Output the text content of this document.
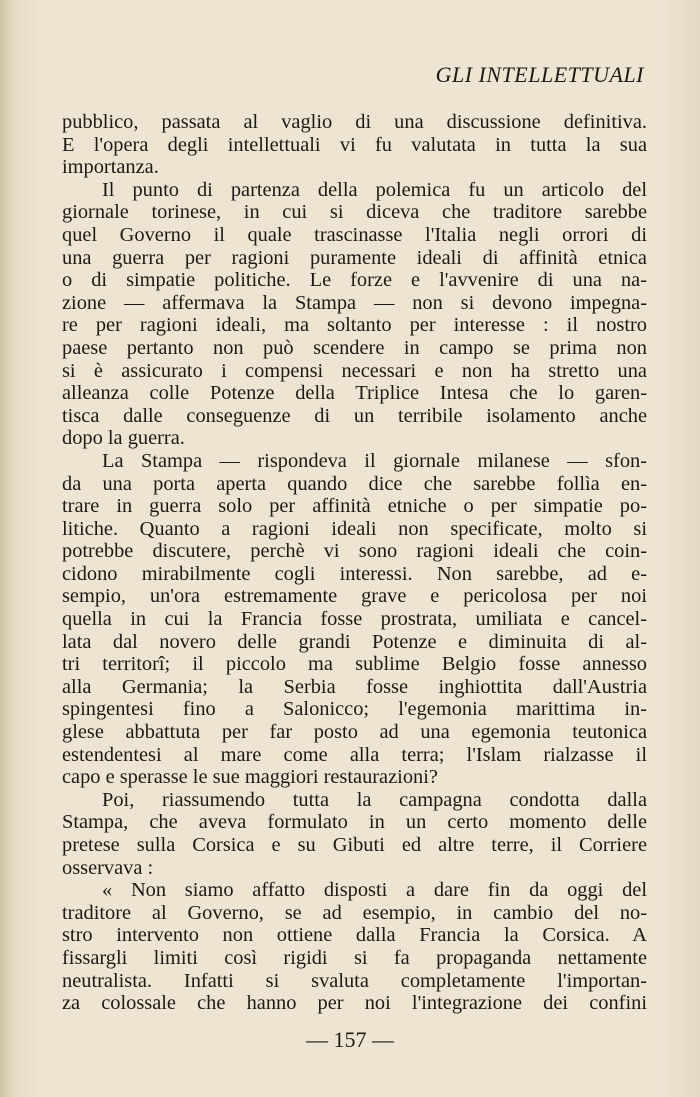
GLI INTELLETTUALI
pubblico, passata al vaglio di una discussione definitiva.
E l'opera degli intellettuali vi fu valutata in tutta la sua
importanza.
Il punto di partenza della polemica fu un articolo del
giornale torinese, in cui si diceva che traditore sarebbe
quel Governo il quale trascinasse l'Italia negli orrori di
una guerra per ragioni puramente ideali di affinità etnica
o di simpatie politiche. Le forze e l'avvenire di una na-
zione — affermava la Stampa — non si devono impegna-
re per ragioni ideali, ma soltanto per interesse : il nostro
paese pertanto non può scendere in campo se prima non
si è assicurato i compensi necessari e non ha stretto una
alleanza colle Potenze della Triplice Intesa che lo garen-
tisca dalle conseguenze di un terribile isolamento anche
dopo la guerra.
La Stampa — rispondeva il giornale milanese — sfon-
da una porta aperta quando dice che sarebbe follìa en-
trare in guerra solo per affinità etniche o per simpatie po-
litiche. Quanto a ragioni ideali non specificate, molto si
potrebbe discutere, perchè vi sono ragioni ideali che coin-
cidono mirabilmente cogli interessi. Non sarebbe, ad e-
sempio, un'ora estremamente grave e pericolosa per noi
quella in cui la Francia fosse prostrata, umiliata e cancel-
lata dal novero delle grandi Potenze e diminuita di al-
tri territorî; il piccolo ma sublime Belgio fosse annesso
alla Germania; la Serbia fosse inghiottita dall'Austria
spingentesi fino a Salonicco; l'egemonia marittima in-
glese abbattuta per far posto ad una egemonia teutonica
estendentesi al mare come alla terra; l'Islam rialzasse il
capo e sperasse le sue maggiori restaurazioni?
Poi, riassumendo tutta la campagna condotta dalla
Stampa, che aveva formulato in un certo momento delle
pretese sulla Corsica e su Gibuti ed altre terre, il Corriere
osservava :
« Non siamo affatto disposti a dare fin da oggi del
traditore al Governo, se ad esempio, in cambio del no-
stro intervento non ottiene dalla Francia la Corsica. A
fissargli limiti così rigidi si fa propaganda nettamente
neutralista. Infatti si svaluta completamente l'importan-
za colossale che hanno per noi l'integrazione dei confini
— 157 —
